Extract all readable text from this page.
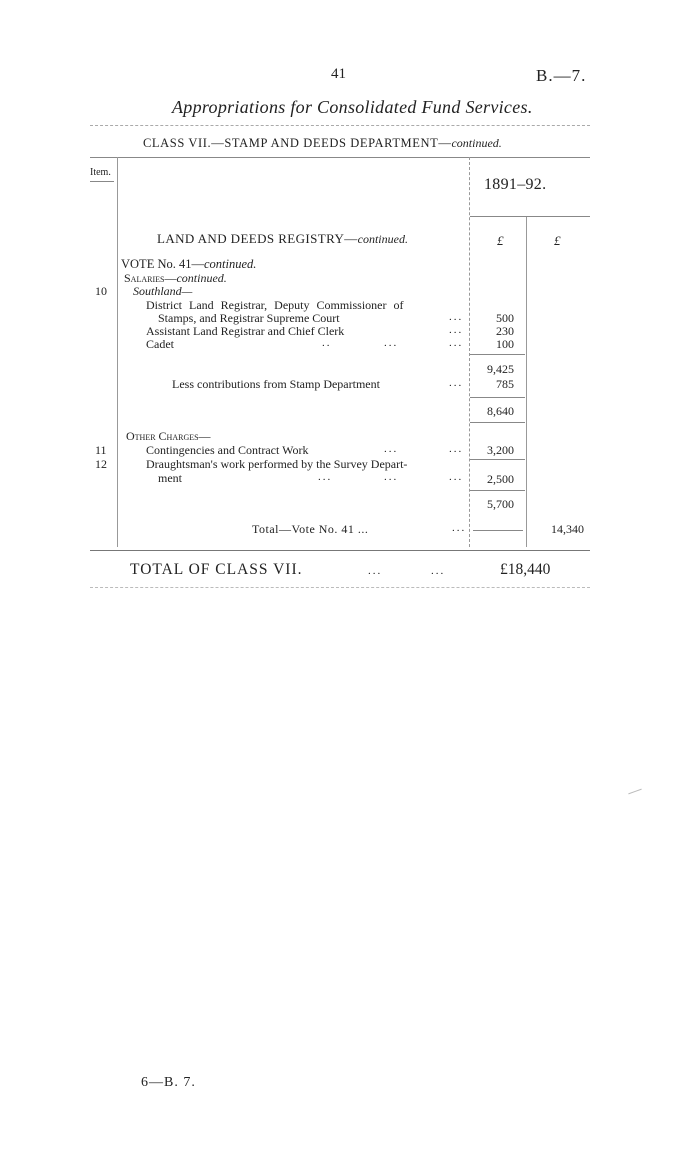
41	B.—7.
Appropriations for Consolidated Fund Services.
CLASS VII.—STAMP AND DEEDS DEPARTMENT—continued.
Item.
1891–92.
LAND AND DEEDS REGISTRY—continued.	£	£
VOTE No. 41—continued.
Salaries—continued.
10 Southland—
District Land Registrar, Deputy Commissioner of
Stamps, and Registrar Supreme Court	...	500
Assistant Land Registrar and Chief Clerk	...	230
Cadet	..	...	...	100
9,425
Less contributions from Stamp Department	...	785
8,640
Other Charges—
11	Contingencies and Contract Work	...	...	3,200
12	Draughtsman's work performed by the Survey Depart-
ment	...	...	...	2,500
5,700
Total—Vote No. 41 ...	...	14,340
TOTAL OF CLASS VII.	...	...	£18,440
6—B. 7.
